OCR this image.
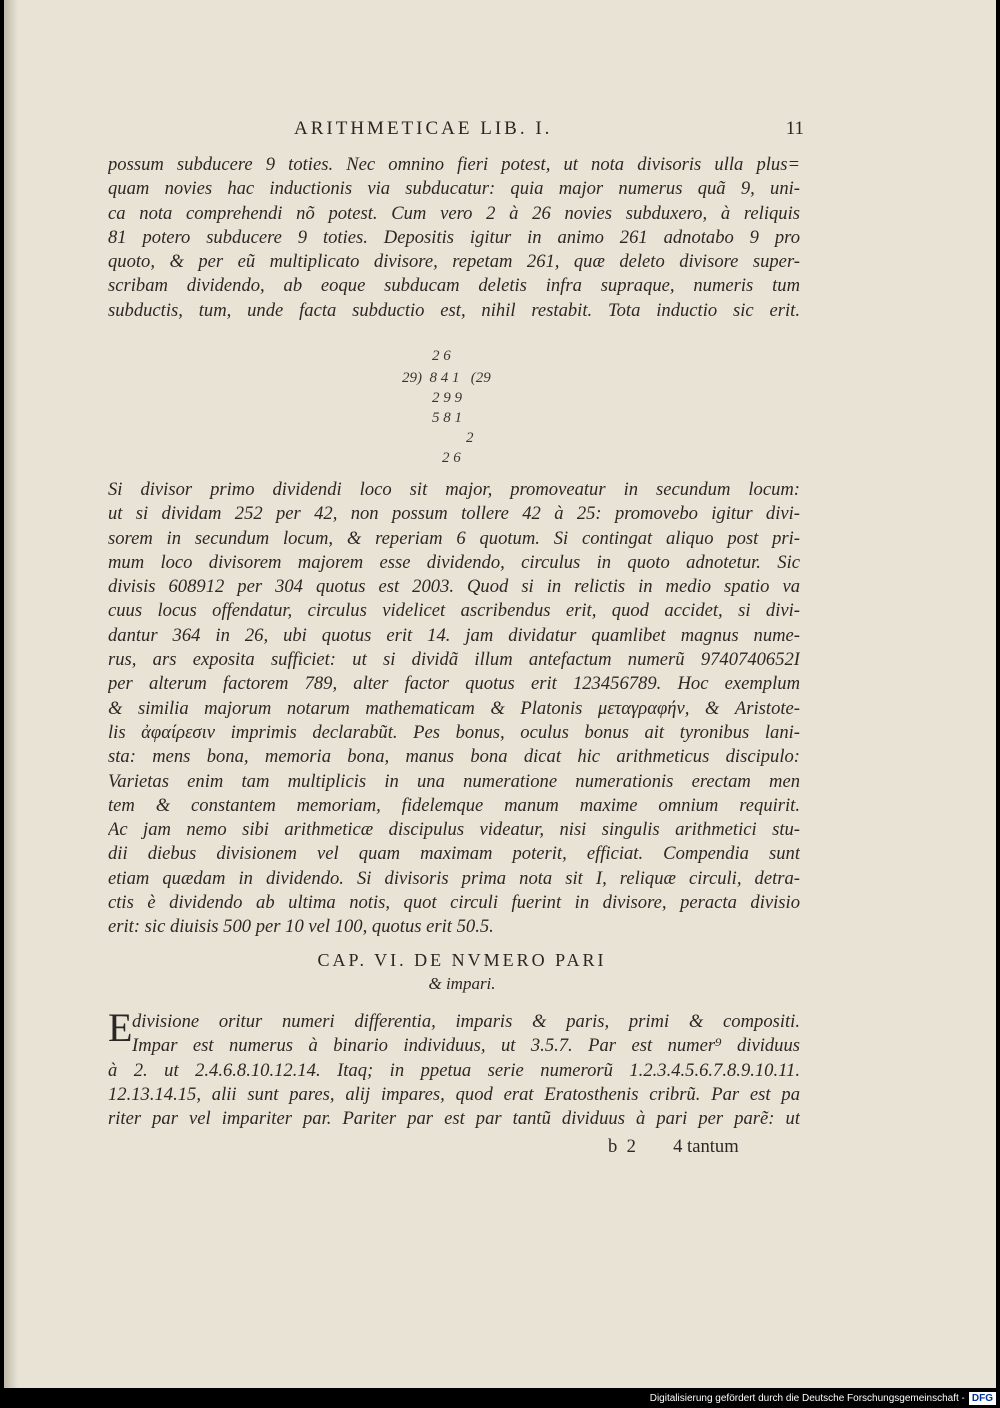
ARITHMETICAE LIB. I.	11
possum subducere 9 toties. Nec omnino fieri potest, ut nota divisoris ulla plus=
quam novies hac inductionis via subducatur: quia major numerus quã 9, uni-
ca nota comprehendi nõ potest. Cum vero 2 à 26 novies subduxero, à reliquis
81 potero subducere 9 toties. Depositis igitur in animo 261 adnotabo 9 pro
quoto, & per eũ multiplicato divisore, repetam 261, quæ deleto divisore super-
scribam dividendo, ab eoque subducam deletis infra supraque, numeris tum
subductis, tum, unde facta subductio est, nihil restabit. Tota inductio sic erit.
2 6
29)  8 4 1   (29
2 9 9
5 8 1
2
2 6
Si divisor primo dividendi loco sit major, promoveatur in secundum locum:
ut si dividam 252 per 42, non possum tollere 42 à 25: promovebo igitur divi-
sorem in secundum locum, & reperiam 6 quotum. Si contingat aliquo post pri-
mum loco divisorem majorem esse dividendo, circulus in quoto adnotetur. Sic
divisis 608912 per 304 quotus est 2003. Quod si in relictis in medio spatio va
cuus locus offendatur, circulus videlicet ascribendus erit, quod accidet, si divi-
dantur 364 in 26, ubi quotus erit 14. jam dividatur quamlibet magnus nume-
rus, ars exposita sufficiet: ut si dividã illum antefactum numerũ 9740740652I
per alterum factorem 789, alter factor quotus erit 123456789. Hoc exemplum
& similia majorum notarum mathematicam & Platonis μεταγραφήν, & Aristote-
lis ἀφαίρεσιν imprimis declarabũt. Pes bonus, oculus bonus ait tyronibus lani-
sta: mens bona, memoria bona, manus bona dicat hic arithmeticus discipulo:
Varietas enim tam multiplicis in una numeratione numerationis erectam men
tem & constantem memoriam, fidelemque manum maxime omnium requirit.
Ac jam nemo sibi arithmeticæ discipulus videatur, nisi singulis arithmetici stu-
dii diebus divisionem vel quam maximam poterit, efficiat. Compendia sunt
etiam quædam in dividendo. Si divisoris prima nota sit I, reliquæ circuli, detra-
ctis è dividendo ab ultima notis, quot circuli fuerint in divisore, peracta divisio
erit: sic diuisis 500 per 10 vel 100, quotus erit 50.5.
CAP. VI. DE NVMERO PARI
& impari.
E divisione oritur numeri differentia, imparis & paris, primi & compositi.
Impar est numerus à binario individuus, ut 3.5.7. Par est numer⁹ dividuus
à 2. ut 2.4.6.8.10.12.14. Itaq; in ppetua serie numerorũ 1.2.3.4.5.6.7.8.9.10.11.
12.13.14.15, alii sunt pares, alij impares, quod erat Eratosthenis cribrũ. Par est pa
riter par vel impariter par. Pariter par est par tantũ dividuus à pari per parẽ: ut
b  2        4 tantum
Digitalisierung gefördert durch die Deutsche Forschungsgemeinschaft - DFG
